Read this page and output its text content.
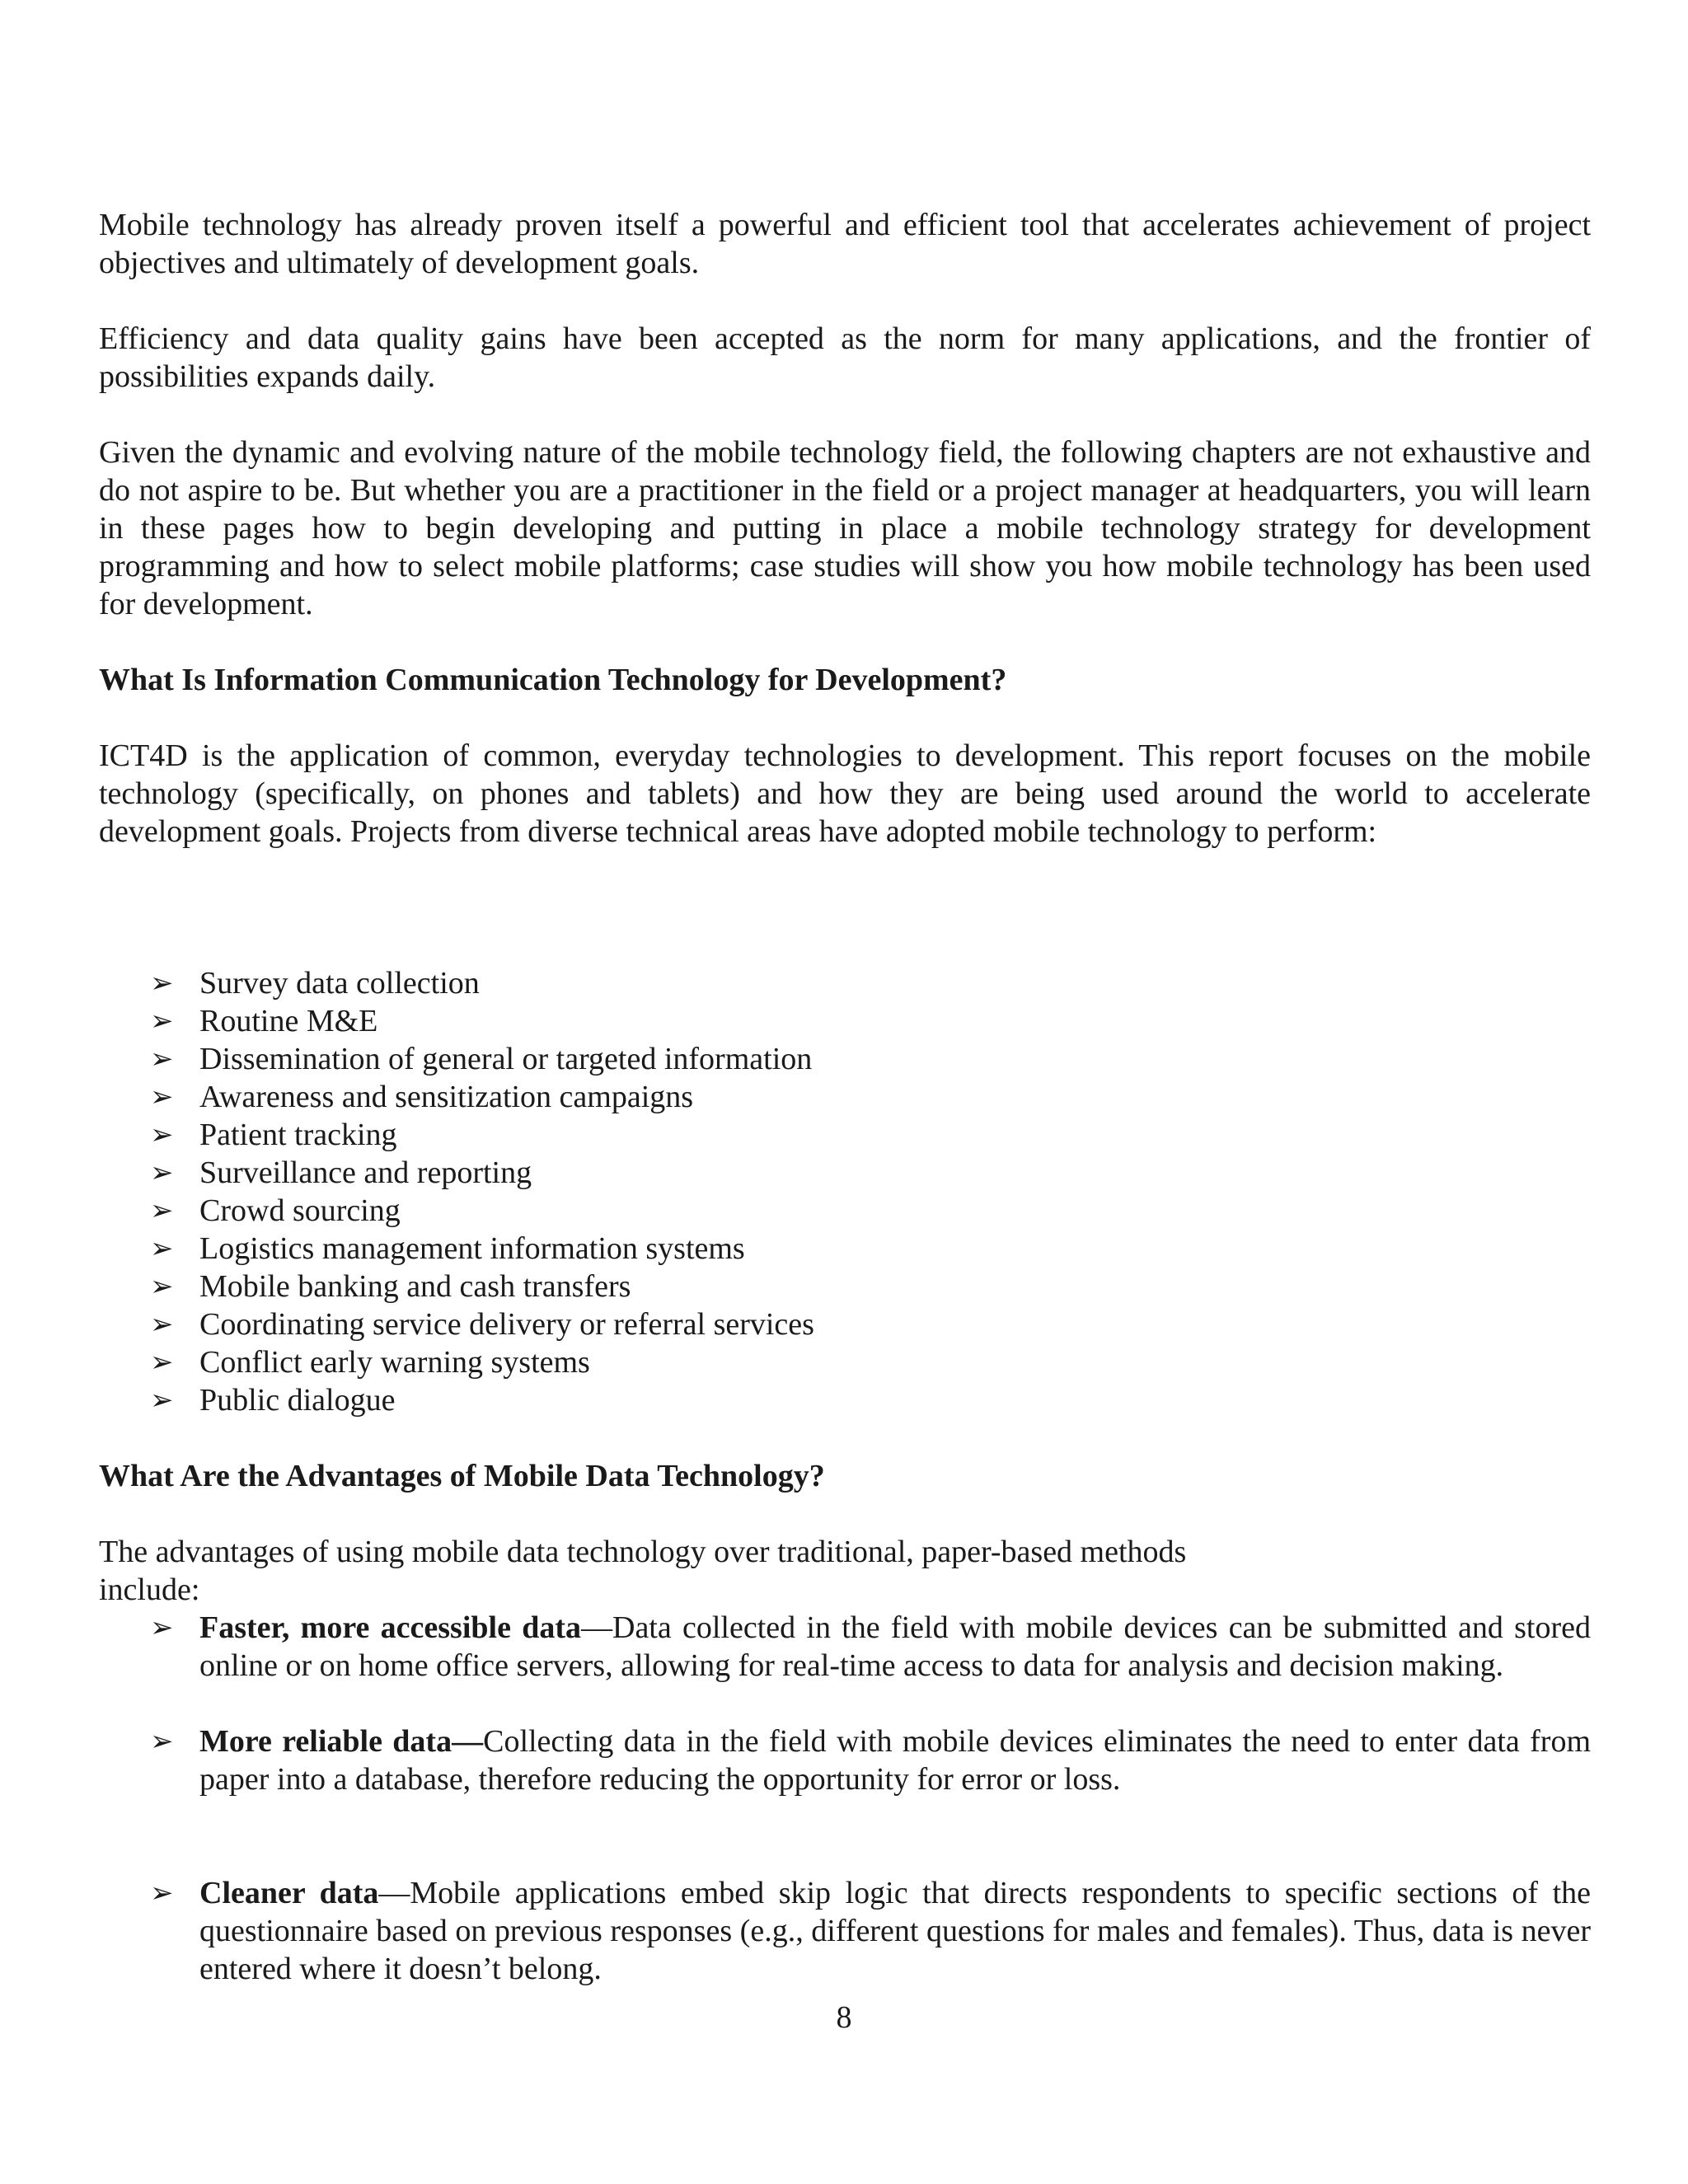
Mobile technology has already proven itself a powerful and efficient tool that accelerates achievement of project objectives and ultimately of development goals.

Efficiency and data quality gains have been accepted as the norm for many applications, and the frontier of possibilities expands daily.

Given the dynamic and evolving nature of the mobile technology field, the following chapters are not exhaustive and do not aspire to be. But whether you are a practitioner in the field or a project manager at headquarters, you will learn in these pages how to begin developing and putting in place a mobile technology strategy for development programming and how to select mobile platforms; case studies will show you how mobile technology has been used for development.

What Is Information Communication Technology for Development?

ICT4D is the application of common, everyday technologies to development. This report focuses on the mobile technology (specifically, on phones and tablets) and how they are being used around the world to accelerate development goals. Projects from diverse technical areas have adopted mobile technology to perform:

➢ Survey data collection
➢ Routine M&E
➢ Dissemination of general or targeted information
➢ Awareness and sensitization campaigns
➢ Patient tracking
➢ Surveillance and reporting
➢ Crowd sourcing
➢ Logistics management information systems
➢ Mobile banking and cash transfers
➢ Coordinating service delivery or referral services
➢ Conflict early warning systems
➢ Public dialogue

What Are the Advantages of Mobile Data Technology?

The advantages of using mobile data technology over traditional, paper-based methods

include:

➢ Faster, more accessible data—Data collected in the field with mobile devices can be submitted and stored online or on home office servers, allowing for real-time access to data for analysis and decision making.

➢ More reliable data—Collecting data in the field with mobile devices eliminates the need to enter data from paper into a database, therefore reducing the opportunity for error or loss.

➢ Cleaner data—Mobile applications embed skip logic that directs respondents to specific sections of the questionnaire based on previous responses (e.g., different questions for males and females). Thus, data is never entered where it doesn’t belong.

8
